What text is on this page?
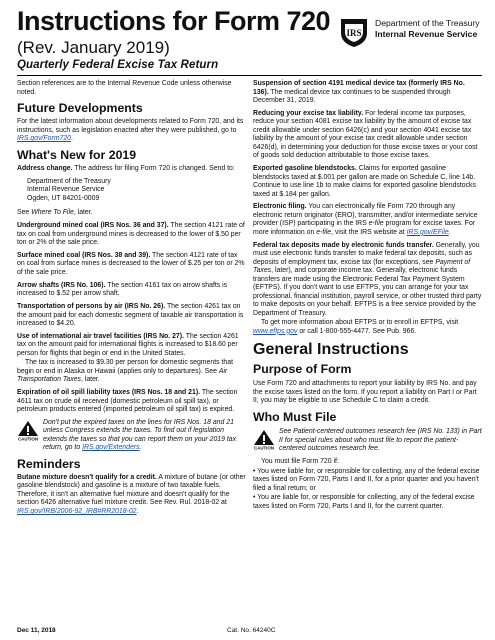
Instructions for Form 720
(Rev. January 2019)
Quarterly Federal Excise Tax Return
IRS
Department of the Treasury
Internal Revenue Service

Section references are to the Internal Revenue Code unless otherwise noted.

Future Developments

For the latest information about developments related to Form 720, and its instructions, such as legislation enacted after they were published, go to IRS.gov/Form720.

What's New for 2019

Address change. The address for filing Form 720 is changed. Send to:

Department of the Treasury
Internal Revenue Service
Ogden, UT 84201-0009

See Where To File, later.

Underground mined coal (IRS Nos. 36 and 37). The section 4121 rate of tax on coal from underground mines is decreased to the lower of $.50 per ton or 2% of the sale price.

Surface mined coal (IRS Nos. 38 and 39). The section 4121 rate of tax on coal from surface mines is decreased to the lower of $.25 per ton or 2% of the sale price.

Arrow shafts (IRS No. 106). The section 4161 tax on arrow shafts is increased to $.52 per arrow shaft.

Transportation of persons by air (IRS No. 26). The section 4261 tax on the amount paid for each domestic segment of taxable air transportation is increased to $4.20.

Use of international air travel facilities (IRS No. 27). The section 4261 tax on the amount paid for international flights is increased to $18.60 per person for flights that begin or end in the United States.

The tax is increased to $9.30 per person for domestic segments that begin or end in Alaska or Hawaii (applies only to departures). See Air Transportation Taxes, later.

Expiration of oil spill liability taxes (IRS Nos. 18 and 21). The section 4611 tax on crude oil received (domestic petroleum oil spill tax), or petroleum products entered (imported petroleum oil spill tax) is expired.

CAUTION
Don't put the expired taxes on the lines for IRS Nos. 18 and 21 unless Congress extends the taxes. To find out if legislation extends the taxes so that you can report them on your 2019 tax return, go to IRS.gov/Extenders.
Reminders

Butane mixture doesn't qualify for a credit. A mixture of butane (or other gasoline blendstock) and gasoline is a mixture of two taxable fuels. Therefore, it isn't an alternative fuel mixture and doesn't qualify for the section 6426 alternative fuel mixture credit. See Rev. Rul. 2018-02 at IRS.gov/IRB/2006-92_IRB#RR2018-02.

Suspension of section 4191 medical device tax (formerly IRS No. 136). The medical device tax continues to be suspended through December 31, 2019.

Reducing your excise tax liability. For federal income tax purposes, reduce your section 4081 excise tax liability by the amount of excise tax credit allowable under section 6426(c) and your section 4041 excise tax liability by the amount of your excise tax credit allowable under section 6426(d), in determining your deduction for those excise taxes or your cost of goods sold deduction attributable to those excise taxes.

Exported gasoline blendstocks. Claims for exported gasoline blendstocks taxed at $.001 per gallon are made on Schedule C, line 14b. Continue to use line 1b to make claims for exported gasoline blendstocks taxed at $.184 per gallon.

Electronic filing. You can electronically file Form 720 through any electronic return originator (ERO), transmitter, and/or intermediate service provider (ISP) participating in the IRS e-file program for excise taxes. For more information on e-file, visit the IRS website at IRS.gov/EFile.

Federal tax deposits made by electronic funds transfer. Generally, you must use electronic funds transfer to make federal tax deposits, such as deposits of employment tax, excise tax (for exceptions, see Payment of Taxes, later), and corporate income tax. Generally, electronic funds transfers are made using the Electronic Federal Tax Payment System (EFTPS). If you don't want to use EFTPS, you can arrange for your tax professional, financial institution, payroll service, or other trusted third party to make deposits on your behalf. EFTPS is a free service provided by the Department of Treasury.

To get more information about EFTPS or to enroll in EFTPS, visit www.eftps.gov or call 1-800-555-4477. See Pub. 966.

General Instructions
Purpose of Form

Use Form 720 and attachments to report your liability by IRS No. and pay the excise taxes listed on the form. If you report a liability on Part I or Part II, you may be eligible to use Schedule C to claim a credit.

Who Must File
CAUTION
See Patient-centered outcomes research fee (IRS No. 133) in Part II for special rules about who must file to report the patient-centered outcomes research fee.

You must file Form 720 if:

• You were liable for, or responsible for collecting, any of the federal excise taxes listed on Form 720, Parts I and II, for a prior quarter and you haven't filed a final return; or

• You are liable for, or responsible for collecting, any of the federal excise taxes listed on Form 720, Parts I and II, for the current quarter.

Dec 11, 2018	Cat. No. 64240C
